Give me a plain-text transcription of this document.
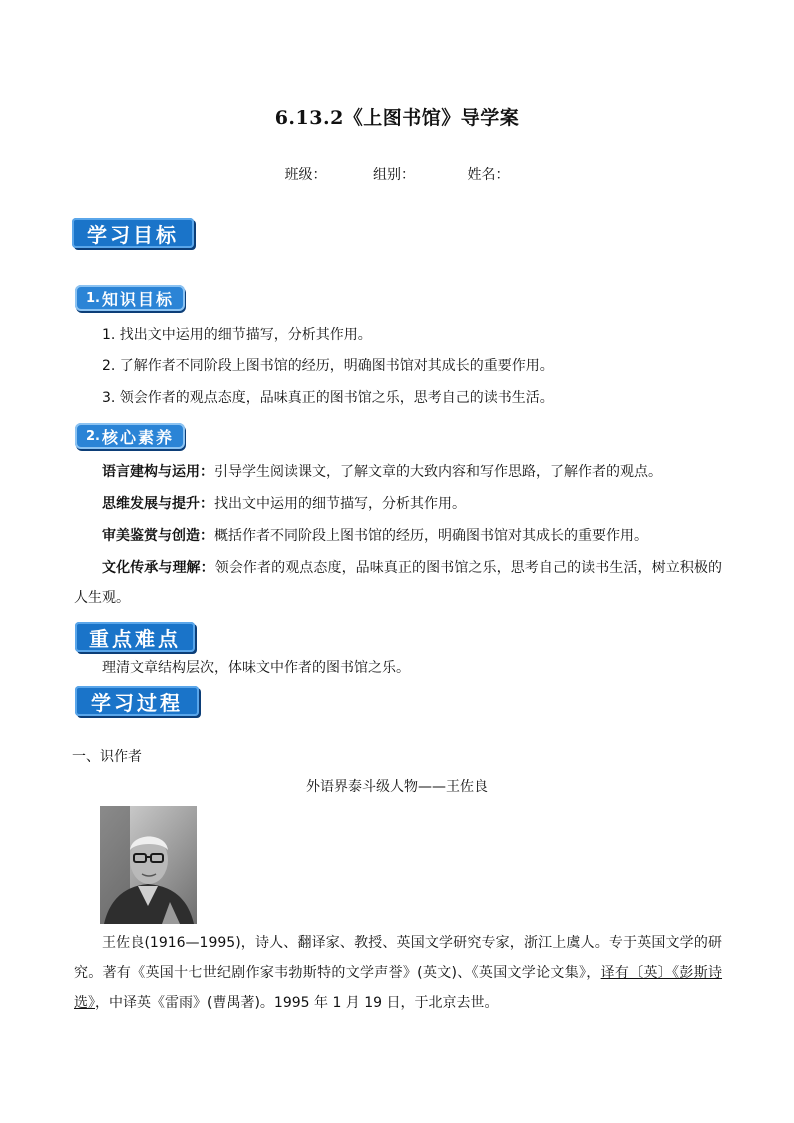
6.13.2《上图书馆》导学案
班级：	组别：	姓名：
学习目标
1. 知识目标
1. 找出文中运用的细节描写，分析其作用。
2. 了解作者不同阶段上图书馆的经历，明确图书馆对其成长的重要作用。
3. 领会作者的观点态度，品味真正的图书馆之乐，思考自己的读书生活。
2. 核心素养
语言建构与运用：引导学生阅读课文，了解文章的大致内容和写作思路，了解作者的观点。
思维发展与提升：找出文中运用的细节描写，分析其作用。
审美鉴赏与创造：概括作者不同阶段上图书馆的经历，明确图书馆对其成长的重要作用。
文化传承与理解：领会作者的观点态度，品味真正的图书馆之乐，思考自己的读书生活，树立积极的人生观。
重点难点
理清文章结构层次，体味文中作者的图书馆之乐。
学习过程
一、识作者
外语界泰斗级人物——王佐良
王佐良(1916—1995)，诗人、翻译家、教授、英国文学研究专家，浙江上虞人。专于英国文学的研究。著有《英国十七世纪剧作家韦勃斯特的文学声誉》(英文)、《英国文学论文集》，译有〔英〕《彭斯诗选》，中译英《雷雨》(曹禺著)。1995 年 1 月 19 日，于北京去世。
